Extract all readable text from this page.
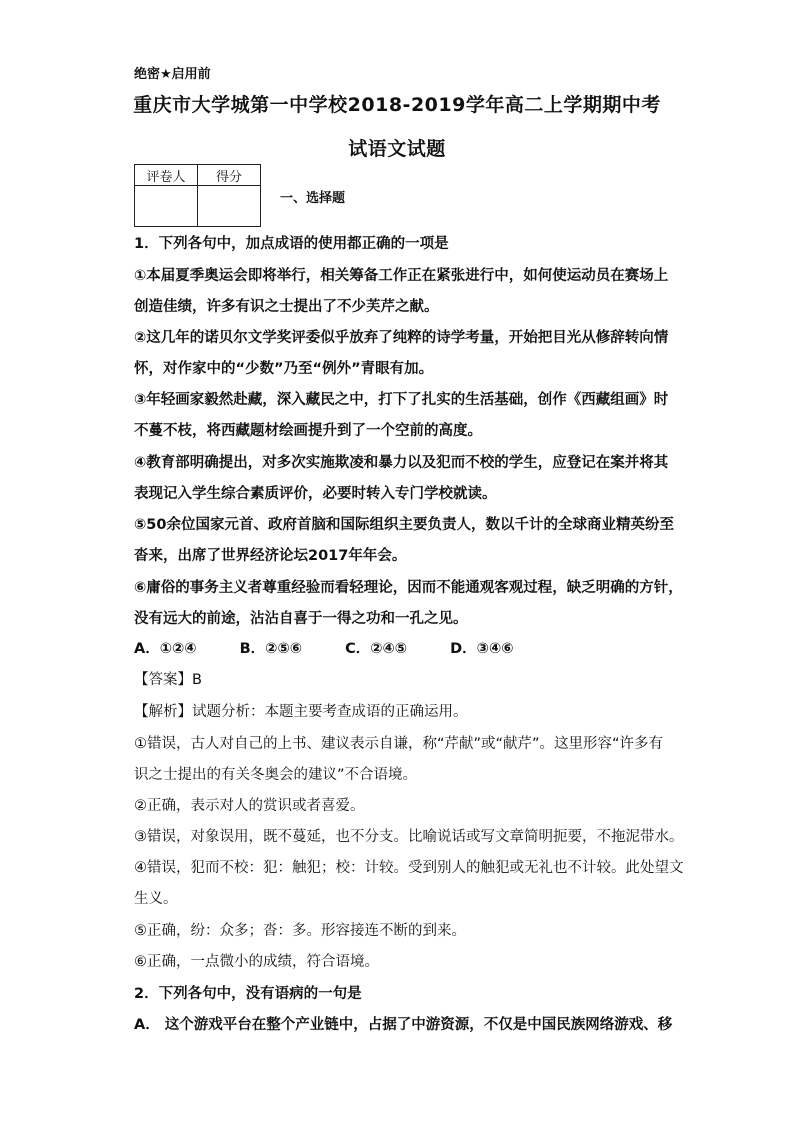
绝密★启用前
重庆市大学城第一中学校2018-2019学年高二上学期期中考
试语文试题
评卷人	得分

一、选择题
1．下列各句中，加点成语的使用都正确的一项是
①本届夏季奥运会即将举行，相关筹备工作正在紧张进行中，如何使运动员在赛场上
创造佳绩，许多有识之士提出了不少芙芹之献。
②这几年的诺贝尔文学奖评委似乎放弃了纯粹的诗学考量，开始把目光从修辞转向情
怀，对作家中的“少数”乃至“例外”青眼有加。
③年轻画家毅然赴藏，深入藏民之中，打下了扎实的生活基础，创作《西藏组画》时
不蔓不枝，将西藏题材绘画提升到了一个空前的高度。
④教育部明确提出，对多次实施欺凌和暴力以及犯而不校的学生，应登记在案并将其
表现记入学生综合素质评价，必要时转入专门学校就读。
⑤50余位国家元首、政府首脑和国际组织主要负责人，数以千计的全球商业精英纷至
沓来，出席了世界经济论坛2017年年会。
⑥庸俗的事务主义者尊重经验而看轻理论，因而不能通观客观过程，缺乏明确的方针，
没有远大的前途，沾沾自喜于一得之功和一孔之见。
A．①②④	B．②⑤⑥	C．②④⑤	D．③④⑥
【答案】B
【解析】试题分析：本题主要考查成语的正确运用。
①错误，古人对自己的上书、建议表示自谦，称“芹献”或“献芹”。这里形容“许多有
识之士提出的有关冬奥会的建议”不合语境。
②正确，表示对人的赏识或者喜爱。
③错误，对象误用，既不蔓延，也不分支。比喻说话或写文章简明扼要，不拖泥带水。
④错误，犯而不校：犯：触犯；校：计较。受到别人的触犯或无礼也不计较。此处望文
生义。
⑤正确，纷：众多；沓：多。形容接连不断的到来。
⑥正确，一点微小的成绩，符合语境。
2．下列各句中，没有语病的一句是
A． 这个游戏平台在整个产业链中，占据了中游资源，不仅是中国民族网络游戏、移
